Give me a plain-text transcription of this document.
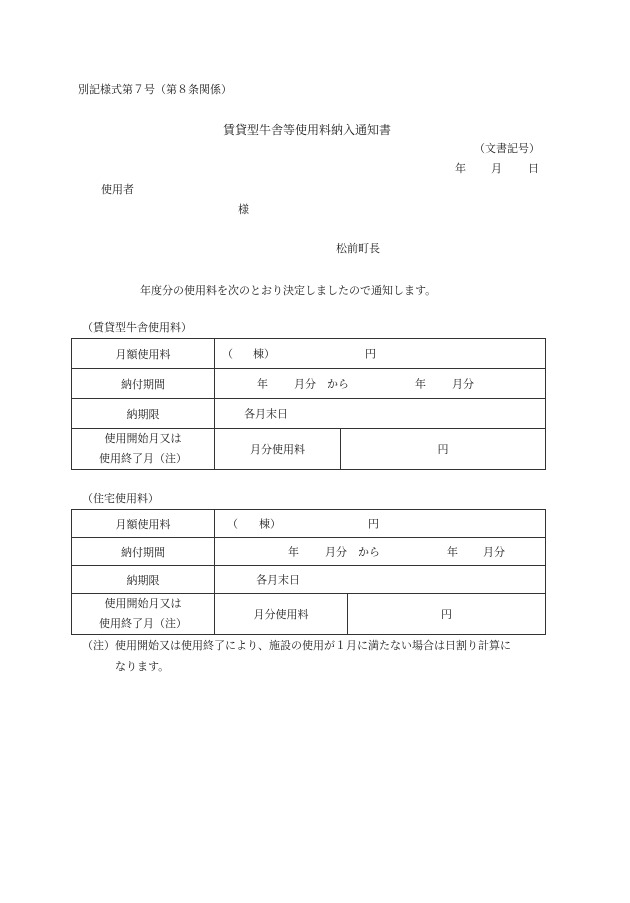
別記様式第７号（第８条関係）
賃貸型牛舎等使用料納入通知書
（文書記号）
年 月 日
使用者
様
松前町長
年度分の使用料を次のとおり決定しましたので通知します。
（賃貸型牛舎使用料）
月額使用料	（ 棟） 円	

納付期間	年 月分　から 年 月分	

納期限	各月末日	

使用開始月又は
使用終了月（注）	月分使用料	円
（住宅使用料）
月額使用料	（ 棟） 円	

納付期間	年 月分　から 年 月分	

納期限	各月末日	

使用開始月又は
使用終了月（注）	月分使用料	円
（注）使用開始又は使用終了により、施設の使用が１月に満たない場合は日割り計算に
なります。
